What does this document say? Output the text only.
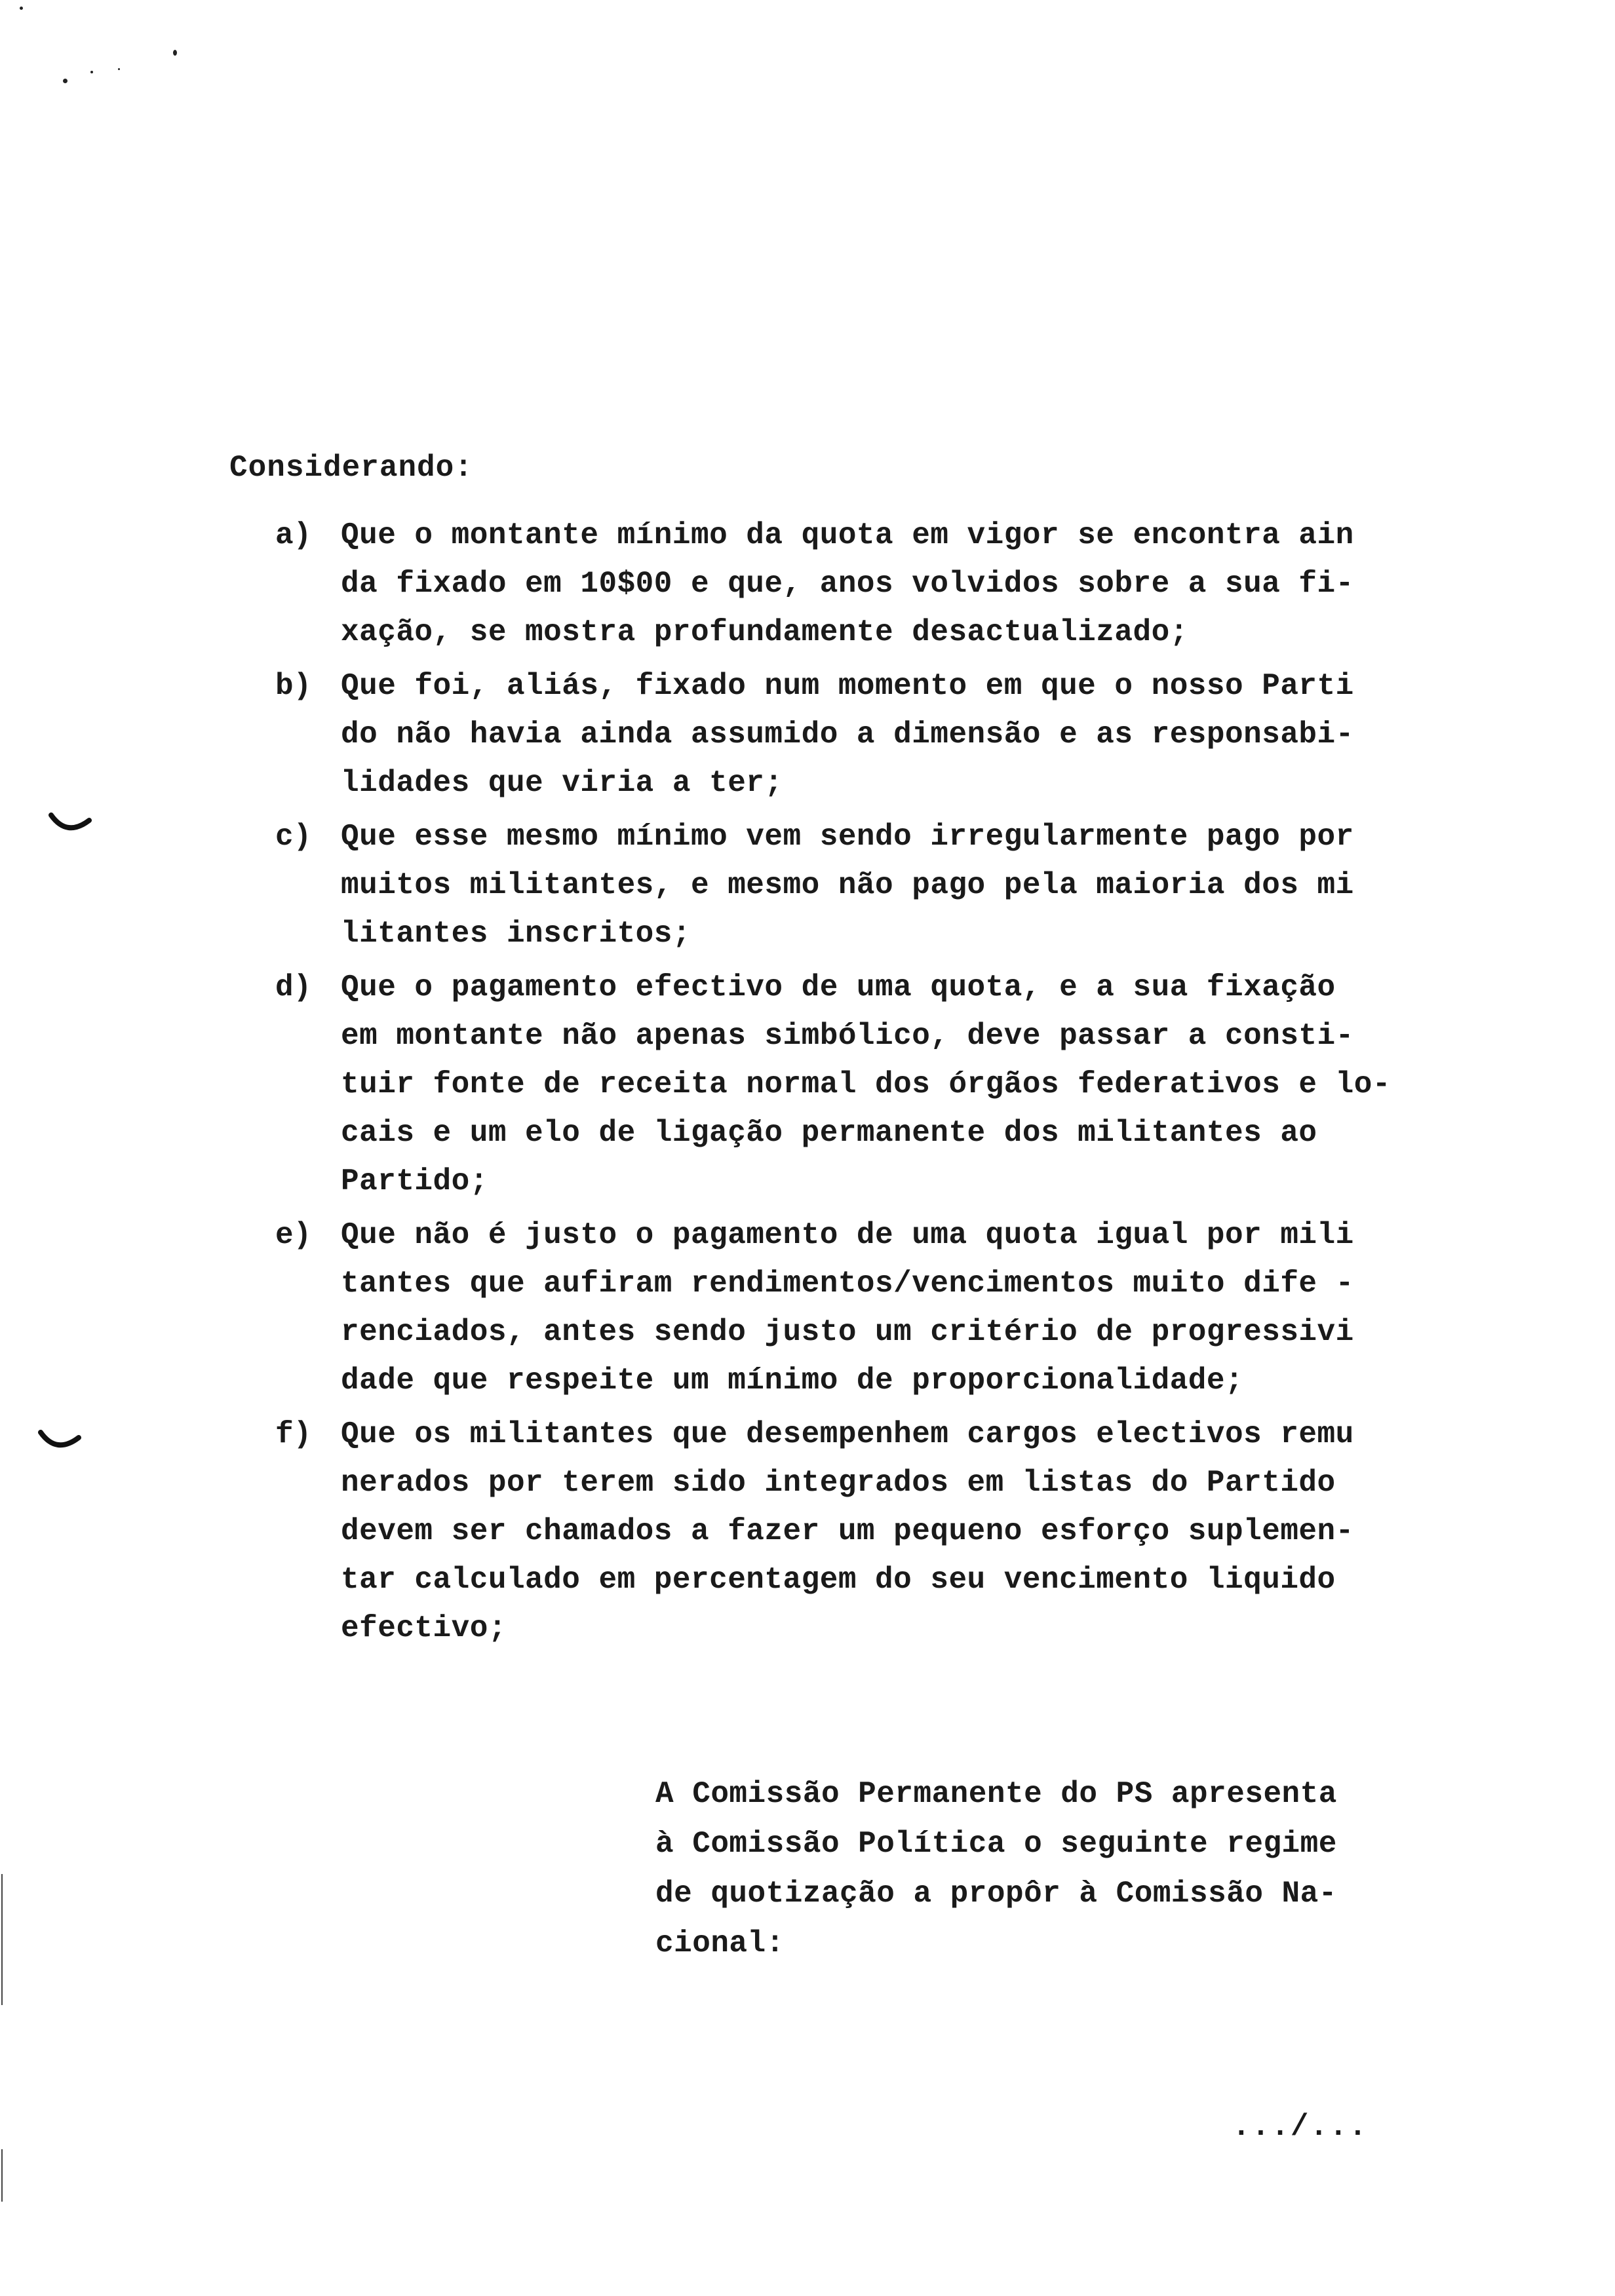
Considerando:
a) Que o montante mínimo da quota em vigor se encontra ain
da fixado em 10$00 e que, anos volvidos sobre a sua fi-
xação, se mostra profundamente desactualizado;
b) Que foi, aliás, fixado num momento em que o nosso Parti
do não havia ainda assumido a dimensão e as responsabi-
lidades que viria a ter;
c) Que esse mesmo mínimo vem sendo irregularmente pago por
muitos militantes, e mesmo não pago pela maioria dos mi
litantes inscritos;
d) Que o pagamento efectivo de uma quota, e a sua fixação
em montante não apenas simbólico, deve passar a consti-
tuir fonte de receita normal dos órgãos federativos e lo-
cais e um elo de ligação permanente dos militantes ao
Partido;
e) Que não é justo o pagamento de uma quota igual por mili
tantes que aufiram rendimentos/vencimentos muito dife -
renciados, antes sendo justo um critério de progressivi
dade que respeite um mínimo de proporcionalidade;
f) Que os militantes que desempenhem cargos electivos remu
nerados por terem sido integrados em listas do Partido
devem ser chamados a fazer um pequeno esforço suplemen-
tar calculado em percentagem do seu vencimento liquido
efectivo;
A Comissão Permanente do PS apresenta
à Comissão Política o seguinte regime
de quotização a propôr à Comissão Na-
cional:
.../...
